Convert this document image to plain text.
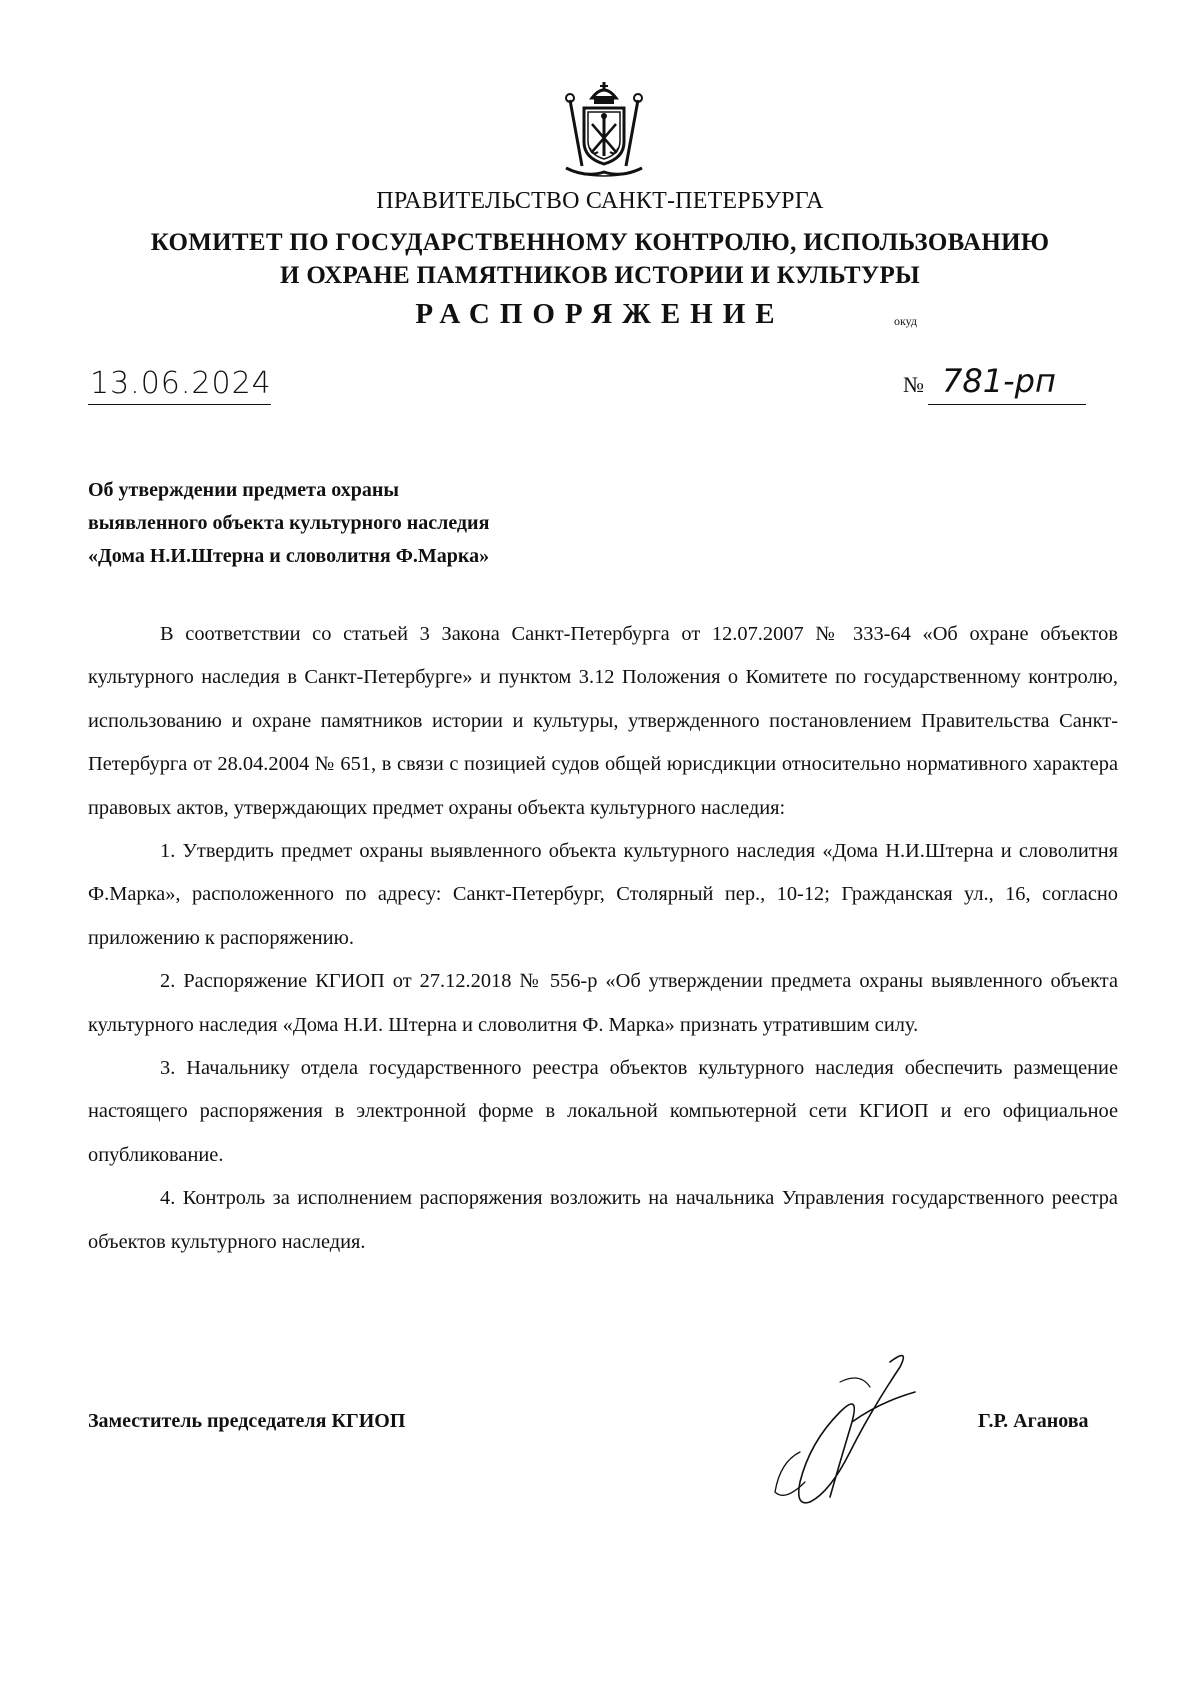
ПРАВИТЕЛЬСТВО САНКТ-ПЕТЕРБУРГА
КОМИТЕТ ПО ГОСУДАРСТВЕННОМУ КОНТРОЛЮ, ИСПОЛЬЗОВАНИЮ
И ОХРАНЕ ПАМЯТНИКОВ ИСТОРИИ И КУЛЬТУРЫ
РАСПОРЯЖЕНИЕ	окуд
13.06.2024	№ 781-рп
Об утверждении предмета охраны
выявленного объекта культурного наследия
«Дома Н.И.Штерна и словолитня Ф.Марка»

В соответствии со статьей 3 Закона Санкт-Петербурга от 12.07.2007 № 333-64 «Об охране объектов культурного наследия в Санкт-Петербурге» и пунктом 3.12 Положения о Комитете по государственному контролю, использованию и охране памятников истории и культуры, утвержденного постановлением Правительства Санкт-Петербурга от 28.04.2004 № 651, в связи с позицией судов общей юрисдикции относительно нормативного характера правовых актов, утверждающих предмет охраны объекта культурного наследия:

1. Утвердить предмет охраны выявленного объекта культурного наследия «Дома Н.И.Штерна и словолитня Ф.Марка», расположенного по адресу: Санкт-Петербург, Столярный пер., 10-12; Гражданская ул., 16, согласно приложению к распоряжению.

2. Распоряжение КГИОП от 27.12.2018 № 556-р «Об утверждении предмета охраны выявленного объекта культурного наследия «Дома Н.И. Штерна и словолитня Ф. Марка» признать утратившим силу.

3. Начальнику отдела государственного реестра объектов культурного наследия обеспечить размещение настоящего распоряжения в электронной форме в локальной компьютерной сети КГИОП и его официальное опубликование.

4. Контроль за исполнением распоряжения возложить на начальника Управления государственного реестра объектов культурного наследия.

Заместитель председателя КГИОП	Г.Р. Аганова
